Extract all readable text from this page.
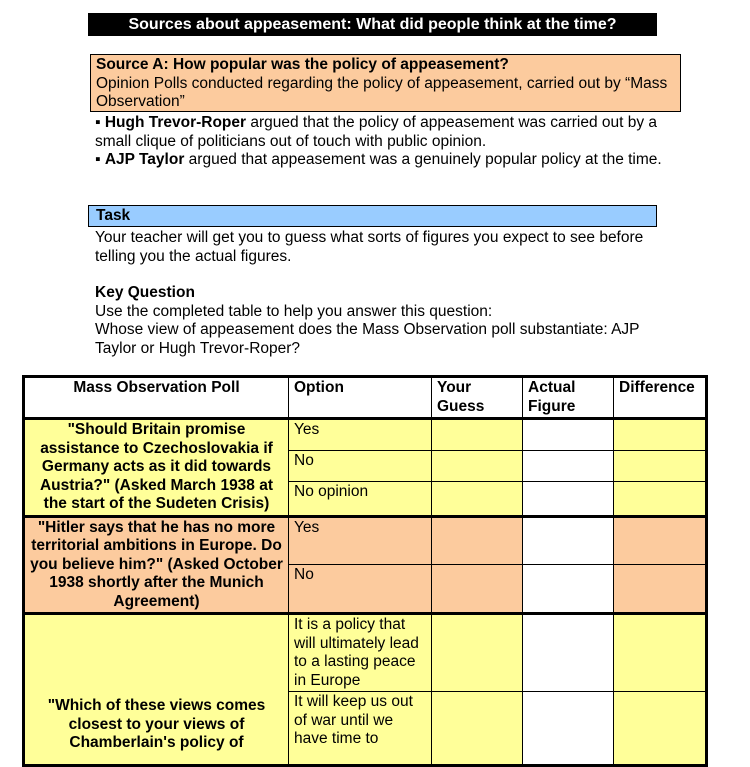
Sources about appeasement: What did people think at the time?
Source A: How popular was the policy of appeasement?
Opinion Polls conducted regarding the policy of appeasement, carried out by “Mass Observation”

▪ Hugh Trevor-Roper argued that the policy of appeasement was carried out by a small clique of politicians out of touch with public opinion.

▪ AJP Taylor argued that appeasement was a genuinely popular policy at the time.

Task
Your teacher will get you to guess what sorts of figures you expect to see before telling you the actual figures.
Key Question
Use the completed table to help you answer this question:
Whose view of appeasement does the Mass Observation poll substantiate: AJP Taylor or Hugh Trevor-Roper?
Mass Observation Poll	Option	Your Guess	Actual Figure	Difference
"Should Britain promise assistance to Czechoslovakia if Germany acts as it did towards Austria?" (Asked March 1938 at the start of the Sudeten Crisis)	Yes			
	No			
	No opinion			
"Hitler says that he has no more territorial ambitions in Europe. Do you believe him?" (Asked October 1938 shortly after the Munich Agreement)	Yes			
	No			
"Which of these views comes closest to your views of Chamberlain's policy of	It is a policy that will ultimately lead to a lasting peace in Europe			
	It will keep us out of war until we have time to			
